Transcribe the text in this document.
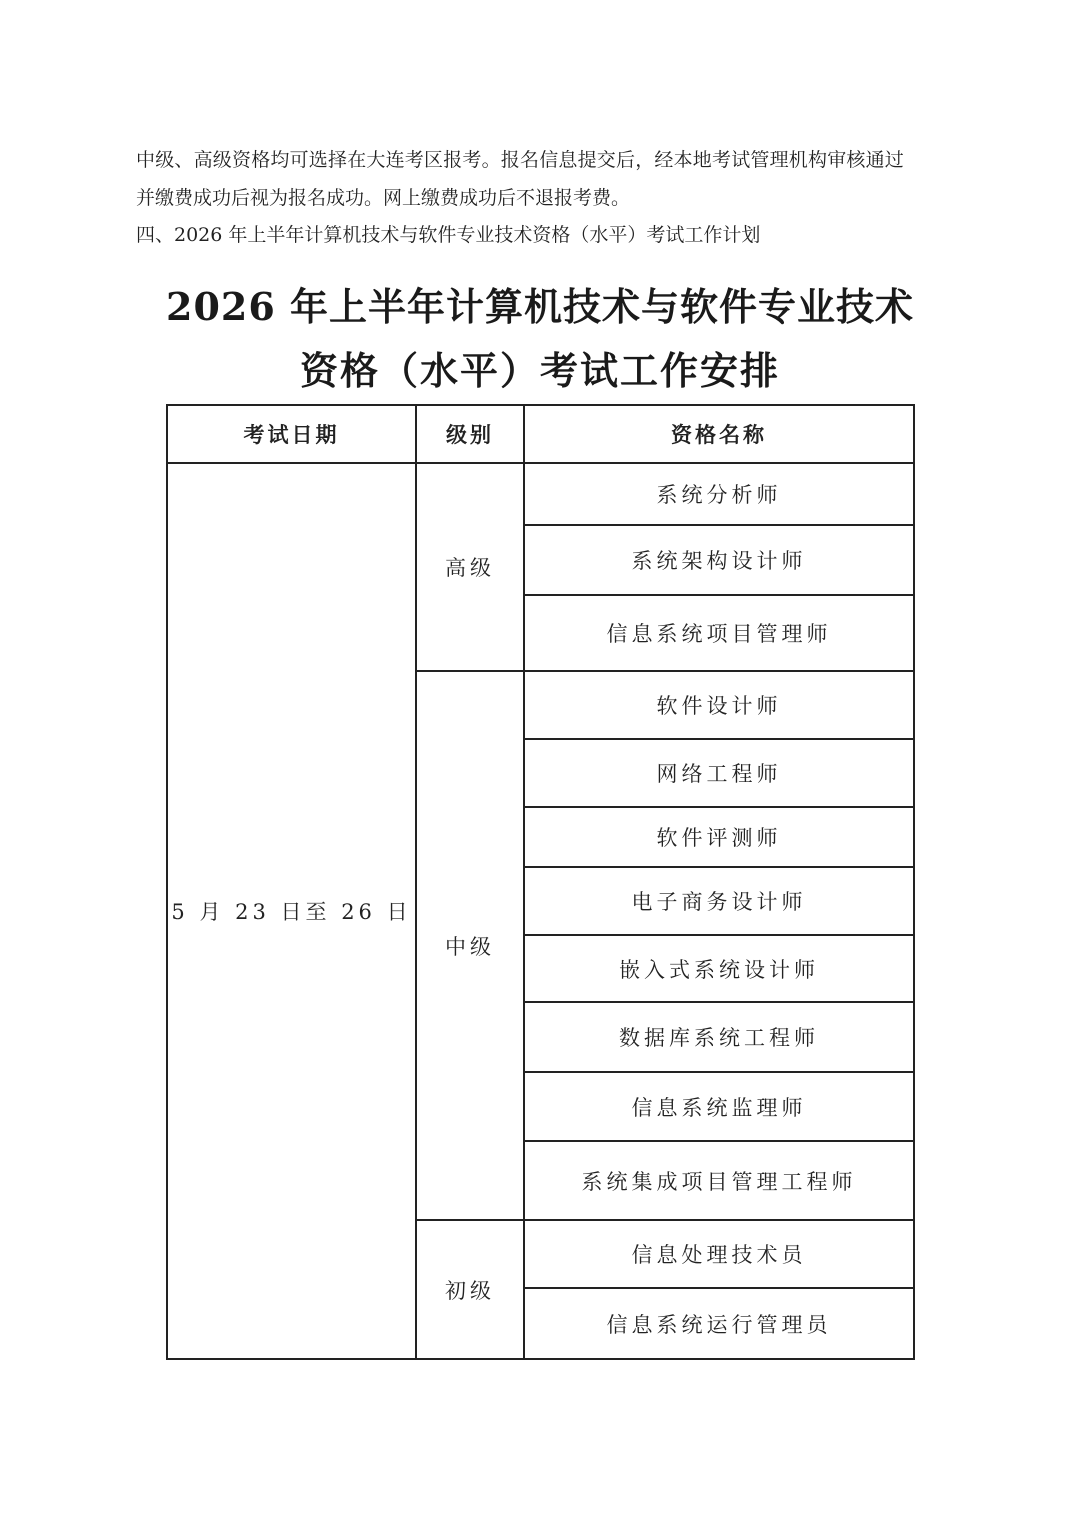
中级、高级资格均可选择在大连考区报考。报名信息提交后，经本地考试管理机构审核通过
并缴费成功后视为报名成功。网上缴费成功后不退报考费。
四、2026 年上半年计算机技术与软件专业技术资格（水平）考试工作计划
2026 年上半年计算机技术与软件专业技术
资格（水平）考试工作安排
考试日期	级别	资格名称
5 月 23 日至 26 日	高级	系统分析师
		系统架构设计师
		信息系统项目管理师
	中级	软件设计师
		网络工程师
		软件评测师
		电子商务设计师
		嵌入式系统设计师
		数据库系统工程师
		信息系统监理师
		系统集成项目管理工程师
	初级	信息处理技术员
		信息系统运行管理员
